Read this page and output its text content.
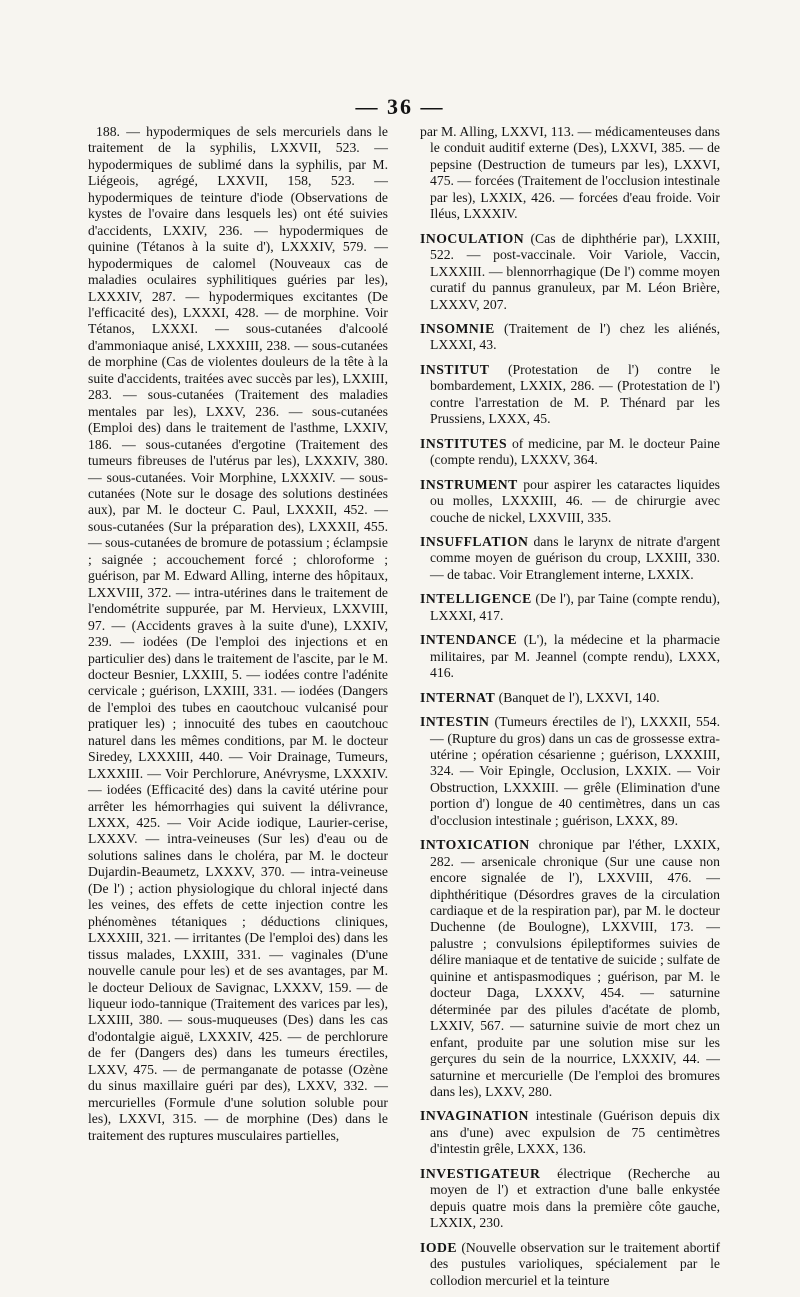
— 36 —

188. — hypodermiques de sels mercuriels dans le traitement de la syphilis, LXXVII, 523. — hypodermiques de sublimé dans la syphilis, par M. Liégeois, agrégé, LXXVII, 158, 523. — hypodermiques de teinture d'iode (Observations de kystes de l'ovaire dans lesquels les) ont été suivies d'accidents, LXXIV, 236. — hypodermiques de quinine (Tétanos à la suite d'), LXXXIV, 579. — hypodermiques de calomel (Nouveaux cas de maladies oculaires syphilitiques guéries par les), LXXXIV, 287. — hypodermiques excitantes (De l'efficacité des), LXXXI, 428. — de morphine. Voir Tétanos, LXXXI. — sous-cutanées d'alcoolé d'ammoniaque anisé, LXXXIII, 238. — sous-cutanées de morphine (Cas de violentes douleurs de la tête à la suite d'accidents, traitées avec succès par les), LXXIII, 283. — sous-cutanées (Traitement des maladies mentales par les), LXXV, 236. — sous-cutanées (Emploi des) dans le traitement de l'asthme, LXXIV, 186. — sous-cutanées d'ergotine (Traitement des tumeurs fibreuses de l'utérus par les), LXXXIV, 380. — sous-cutanées. Voir Morphine, LXXXIV. — sous-cutanées (Note sur le dosage des solutions destinées aux), par M. le docteur C. Paul, LXXXII, 452. — sous-cutanées (Sur la préparation des), LXXXII, 455. — sous-cutanées de bromure de potassium ; éclampsie ; saignée ; accouchement forcé ; chloroforme ; guérison, par M. Edward Alling, interne des hôpitaux, LXXVIII, 372. — intra-utérines dans le traitement de l'endométrite suppurée, par M. Hervieux, LXXVIII, 97. — (Accidents graves à la suite d'une), LXXIV, 239. — iodées (De l'emploi des injections et en particulier des) dans le traitement de l'ascite, par le M. docteur Besnier, LXXIII, 5. — iodées contre l'adénite cervicale ; guérison, LXXIII, 331. — iodées (Dangers de l'emploi des tubes en caoutchouc vulcanisé pour pratiquer les) ; innocuité des tubes en caoutchouc naturel dans les mêmes conditions, par M. le docteur Siredey, LXXXIII, 440. — Voir Drainage, Tumeurs, LXXXIII. — Voir Perchlorure, Anévrysme, LXXXIV. — iodées (Efficacité des) dans la cavité utérine pour arrêter les hémorrhagies qui suivent la délivrance, LXXX, 425. — Voir Acide iodique, Laurier-cerise, LXXXV. — intra-veineuses (Sur les) d'eau ou de solutions salines dans le choléra, par M. le docteur Dujardin-Beaumetz, LXXXV, 370. — intra-veineuse (De l') ; action physiologique du chloral injecté dans les veines, des effets de cette injection contre les phénomènes tétaniques ; déductions cliniques, LXXXIII, 321. — irritantes (De l'emploi des) dans les tissus malades, LXXIII, 331. — vaginales (D'une nouvelle canule pour les) et de ses avantages, par M. le docteur Delioux de Savignac, LXXXV, 159. — de liqueur iodo-tannique (Traitement des varices par les), LXXIII, 380. — sous-muqueuses (Des) dans les cas d'odontalgie aiguë, LXXXIV, 425. — de perchlorure de fer (Dangers des) dans les tumeurs érectiles, LXXV, 475. — de permanganate de potasse (Ozène du sinus maxillaire guéri par des), LXXV, 332. — mercurielles (Formule d'une solution soluble pour les), LXXVI, 315. — de morphine (Des) dans le traitement des ruptures musculaires partielles,

par M. Alling, LXXVI, 113. — médicamenteuses dans le conduit auditif externe (Des), LXXVI, 385. — de pepsine (Destruction de tumeurs par les), LXXVI, 475. — forcées (Traitement de l'occlusion intestinale par les), LXXIX, 426. — forcées d'eau froide. Voir Iléus, LXXXIV.

INOCULATION (Cas de diphthérie par), LXXIII, 522. — post-vaccinale. Voir Variole, Vaccin, LXXXIII. — blennorrhagique (De l') comme moyen curatif du pannus granuleux, par M. Léon Brière, LXXXV, 207.

INSOMNIE (Traitement de l') chez les aliénés, LXXXI, 43.

INSTITUT (Protestation de l') contre le bombardement, LXXIX, 286. — (Protestation de l') contre l'arrestation de M. P. Thénard par les Prussiens, LXXX, 45.

INSTITUTES of medicine, par M. le docteur Paine (compte rendu), LXXXV, 364.

INSTRUMENT pour aspirer les cataractes liquides ou molles, LXXXIII, 46. — de chirurgie avec couche de nickel, LXXVIII, 335.

INSUFFLATION dans le larynx de nitrate d'argent comme moyen de guérison du croup, LXXIII, 330. — de tabac. Voir Etranglement interne, LXXIX.

INTELLIGENCE (De l'), par Taine (compte rendu), LXXXI, 417.

INTENDANCE (L'), la médecine et la pharmacie militaires, par M. Jeannel (compte rendu), LXXX, 416.

INTERNAT (Banquet de l'), LXXVI, 140.

INTESTIN (Tumeurs érectiles de l'), LXXXII, 554. — (Rupture du gros) dans un cas de grossesse extra-utérine ; opération césarienne ; guérison, LXXXIII, 324. — Voir Epingle, Occlusion, LXXIX. — Voir Obstruction, LXXXIII. — grêle (Elimination d'une portion d') longue de 40 centimètres, dans un cas d'occlusion intestinale ; guérison, LXXX, 89.

INTOXICATION chronique par l'éther, LXXIX, 282. — arsenicale chronique (Sur une cause non encore signalée de l'), LXXVIII, 476. — diphthéritique (Désordres graves de la circulation cardiaque et de la respiration par), par M. le docteur Duchenne (de Boulogne), LXXVIII, 173. — palustre ; convulsions épileptiformes suivies de délire maniaque et de tentative de suicide ; sulfate de quinine et antispasmodiques ; guérison, par M. le docteur Daga, LXXXV, 454. — saturnine déterminée par des pilules d'acétate de plomb, LXXIV, 567. — saturnine suivie de mort chez un enfant, produite par une solution mise sur les gerçures du sein de la nourrice, LXXXIV, 44. — saturnine et mercurielle (De l'emploi des bromures dans les), LXXV, 280.

INVAGINATION intestinale (Guérison depuis dix ans d'une) avec expulsion de 75 centimètres d'intestin grêle, LXXX, 136.

INVESTIGATEUR électrique (Recherche au moyen de l') et extraction d'une balle enkystée depuis quatre mois dans la première côte gauche, LXXIX, 230.

IODE (Nouvelle observation sur le traitement abortif des pustules varioliques, spécialement par le collodion mercuriel et la teinture
